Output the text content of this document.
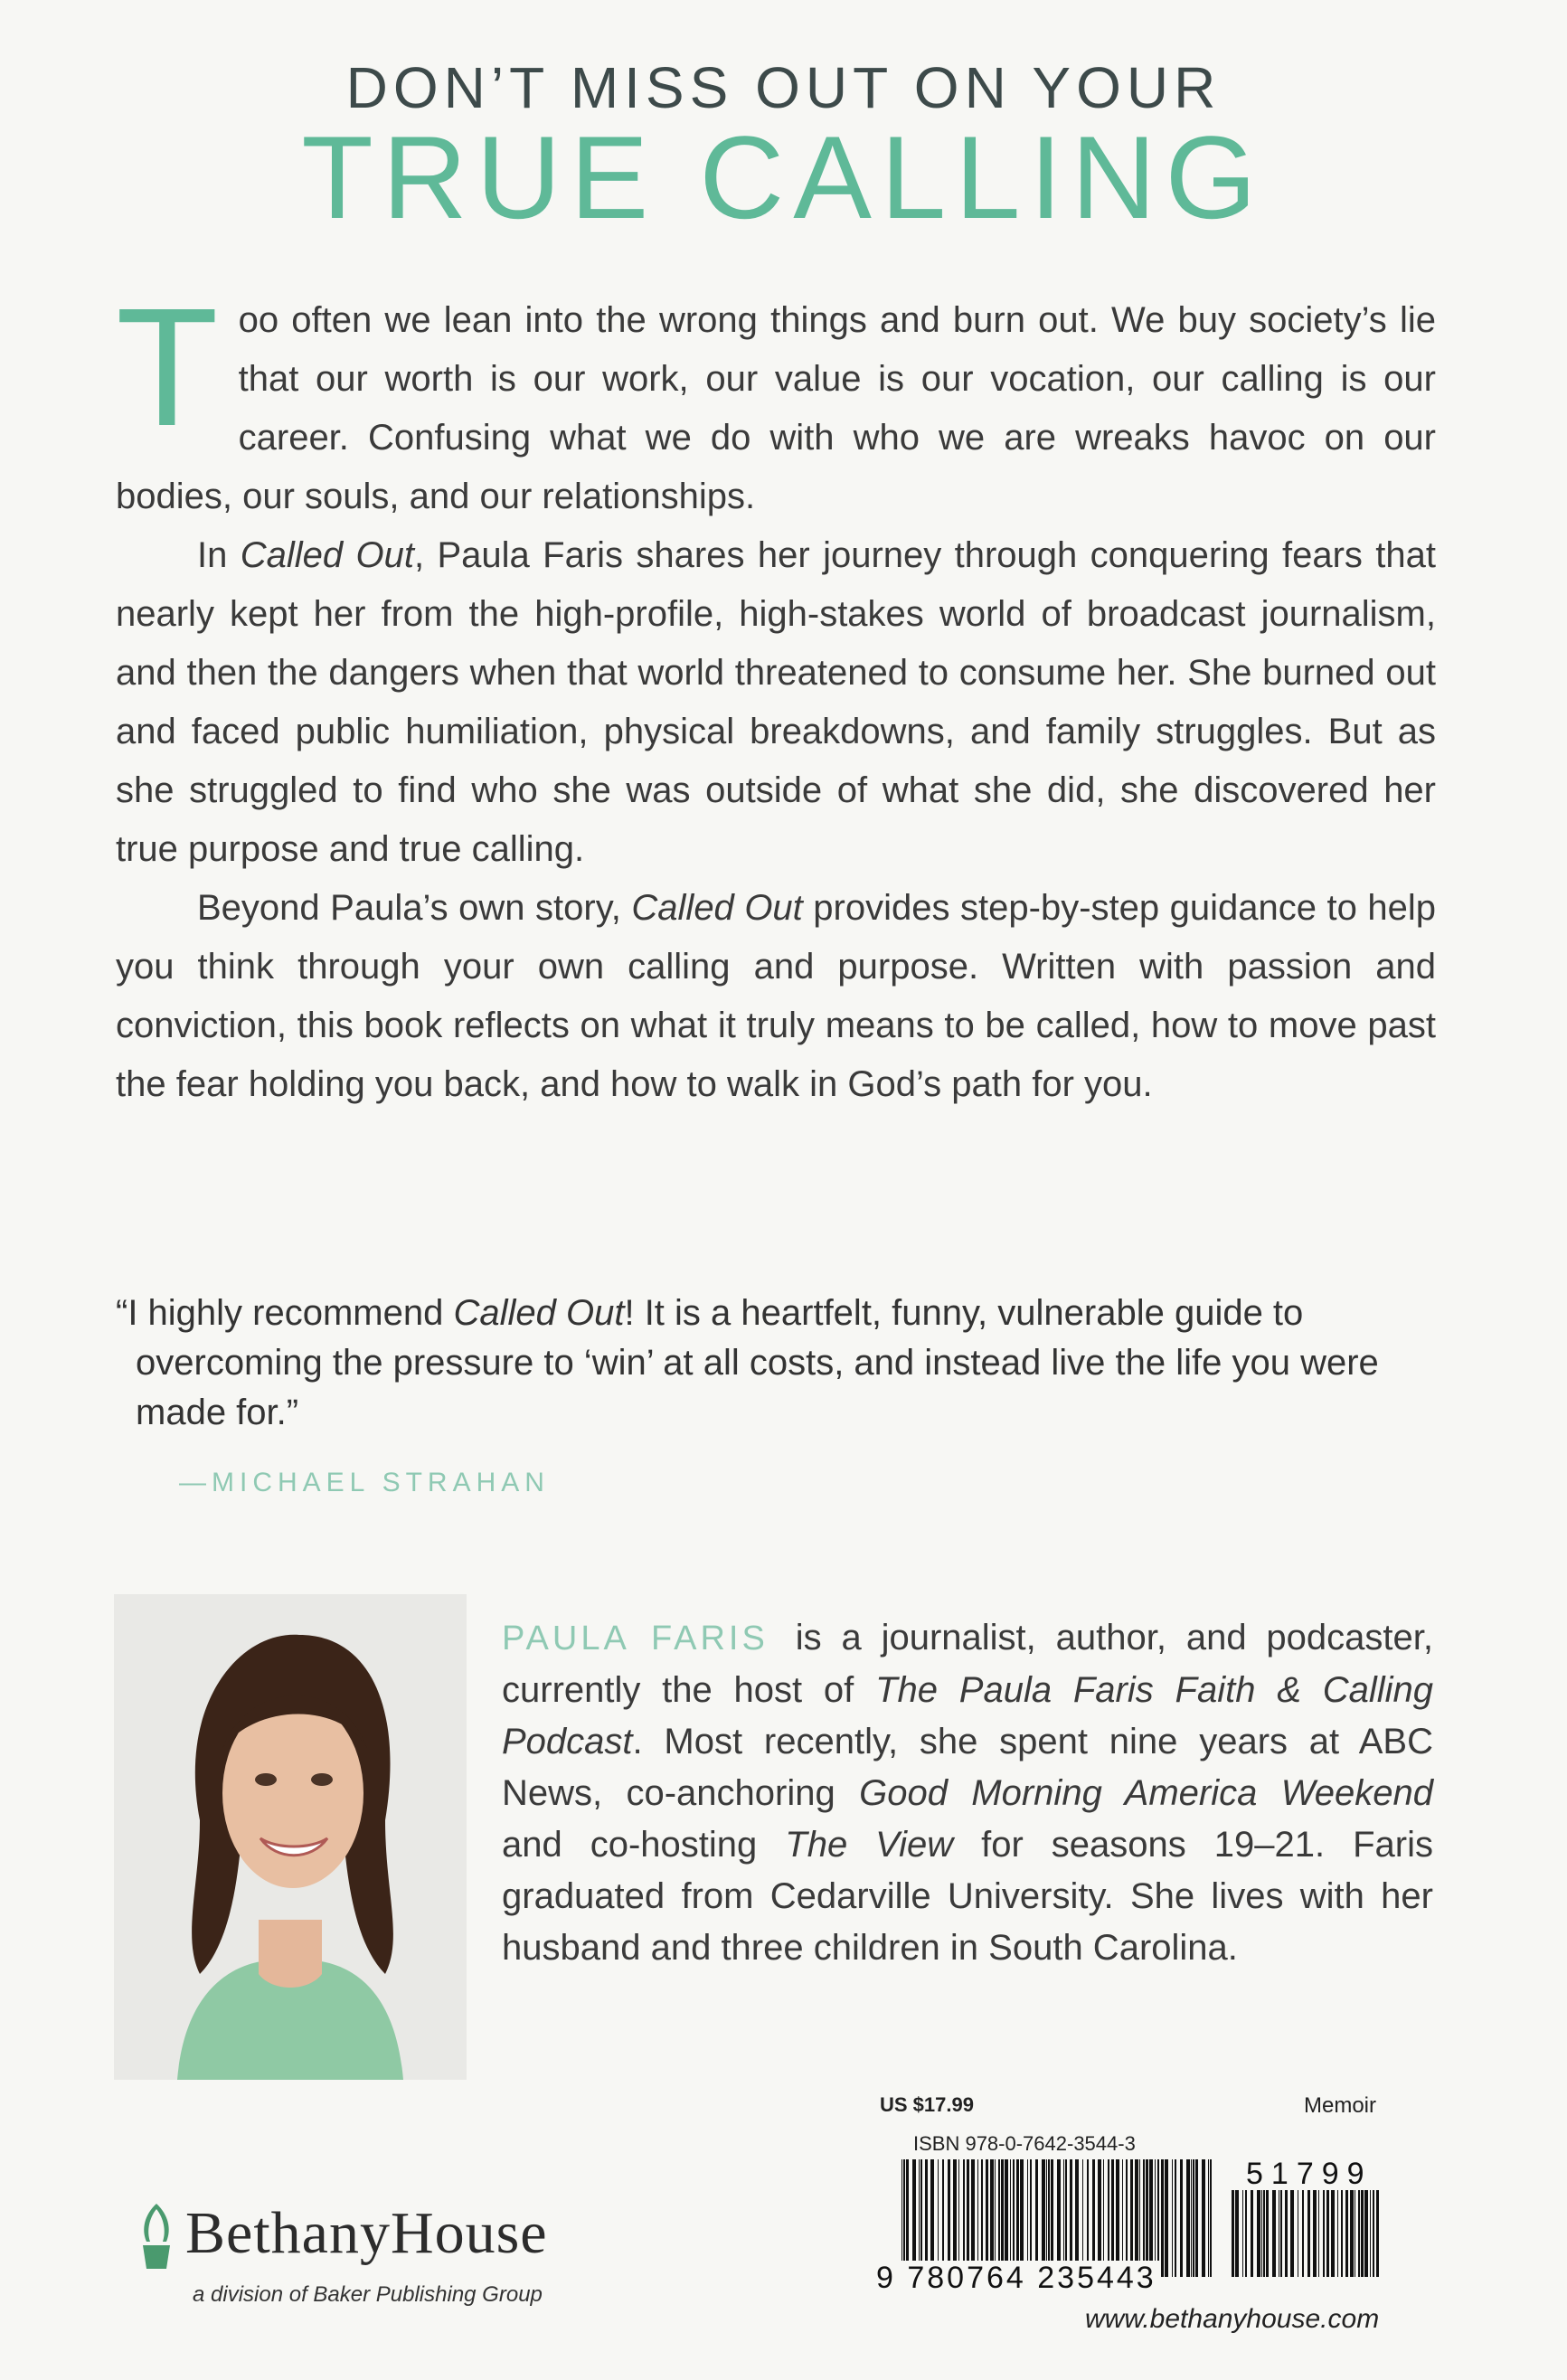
DON’T MISS OUT ON YOUR
TRUE CALLING

Too often we lean into the wrong things and burn out. We buy society’s lie that our worth is our work, our value is our vocation, our calling is our career. Confusing what we do with who we are wreaks havoc on our bodies, our souls, and our relationships.

In Called Out, Paula Faris shares her journey through conquering fears that nearly kept her from the high-profile, high-stakes world of broadcast journalism, and then the dangers when that world threatened to consume her. She burned out and faced public humiliation, physical breakdowns, and family struggles. But as she struggled to find who she was outside of what she did, she discovered her true purpose and true calling.

Beyond Paula’s own story, Called Out provides step-by-step guidance to help you think through your own calling and purpose. Written with passion and conviction, this book reflects on what it truly means to be called, how to move past the fear holding you back, and how to walk in God’s path for you.

“I highly recommend Called Out! It is a heartfelt, funny, vulnerable guide to overcoming the pressure to ‘win’ at all costs, and instead live the life you were made for.”
—MICHAEL STRAHAN
PAULA FARIS is a journalist, author, and podcaster, currently the host of The Paula Faris Faith & Calling Podcast. Most recently, she spent nine years at ABC News, co-anchoring Good Morning America Weekend and co-hosting The View for seasons 19–21. Faris graduated from Cedarville University. She lives with her husband and three children in South Carolina.
US $17.99	Memoir
ISBN 978-0-7642-3544-3
51799
9 780764 235443
www.bethanyhouse.com
BethanyHouse
a division of Baker Publishing Group
